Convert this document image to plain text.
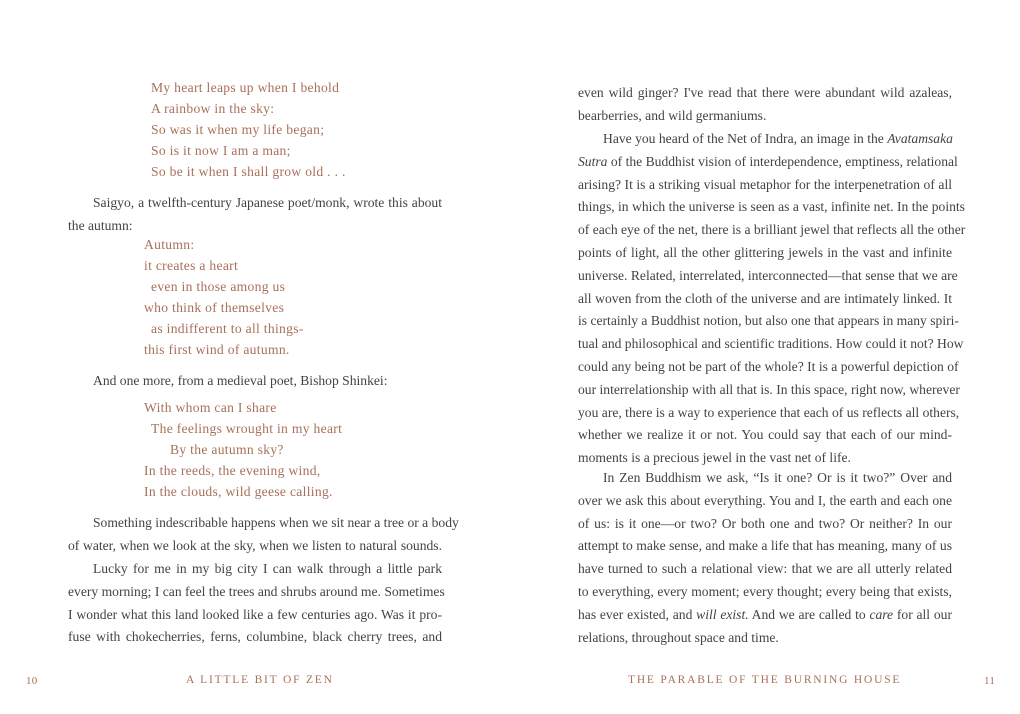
My heart leaps up when I behold
A rainbow in the sky:
So was it when my life began;
So is it now I am a man;
So be it when I shall grow old . . .
Saigyo, a twelfth-century Japanese poet/monk, wrote this about
the autumn:
Autumn:
it creates a heart
even in those among us
who think of themselves
as indifferent to all things-
this first wind of autumn.
And one more, from a medieval poet, Bishop Shinkei:
With whom can I share
The feelings wrought in my heart
By the autumn sky?
In the reeds, the evening wind,
In the clouds, wild geese calling.
Something indescribable happens when we sit near a tree or a body
of water, when we look at the sky, when we listen to natural sounds.
Lucky for me in my big city I can walk through a little park
every morning; I can feel the trees and shrubs around me. Sometimes
I wonder what this land looked like a few centuries ago. Was it pro-
fuse with chokecherries, ferns, columbine, black cherry trees, and
10	A LITTLE BIT OF ZEN
even wild ginger? I've read that there were abundant wild azaleas,
bearberries, and wild germaniums.
Have you heard of the Net of Indra, an image in the Avatamsaka
Sutra of the Buddhist vision of interdependence, emptiness, relational
arising? It is a striking visual metaphor for the interpenetration of all
things, in which the universe is seen as a vast, infinite net. In the points
of each eye of the net, there is a brilliant jewel that reflects all the other
points of light, all the other glittering jewels in the vast and infinite
universe. Related, interrelated, interconnected—that sense that we are
all woven from the cloth of the universe and are intimately linked. It
is certainly a Buddhist notion, but also one that appears in many spiri-
tual and philosophical and scientific traditions. How could it not? How
could any being not be part of the whole? It is a powerful depiction of
our interrelationship with all that is. In this space, right now, wherever
you are, there is a way to experience that each of us reflects all others,
whether we realize it or not. You could say that each of our mind-
moments is a precious jewel in the vast net of life.
In Zen Buddhism we ask, “Is it one? Or is it two?” Over and
over we ask this about everything. You and I, the earth and each one
of us: is it one—or two? Or both one and two? Or neither? In our
attempt to make sense, and make a life that has meaning, many of us
have turned to such a relational view: that we are all utterly related
to everything, every moment; every thought; every being that exists,
has ever existed, and will exist. And we are called to care for all our
relations, throughout space and time.
THE PARABLE OF THE BURNING HOUSE	11
